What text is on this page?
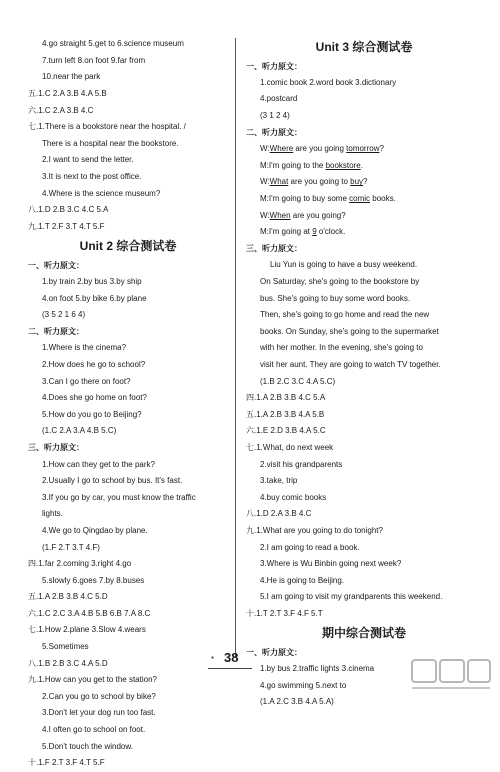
4.go straight 5.get to 6.science museum
7.turn left 8.on foot 9.far from
10.near the park
五.1.C 2.A 3.B 4.A 5.B
六.1.C 2.A 3.B 4.C
七.1.There is a bookstore near the hospital. /
There is a hospital near the bookstore.
2.I want to send the letter.
3.It is next to the post office.
4.Where is the science museum?
八.1.D 2.B 3.C 4.C 5.A
九.1.T 2.F 3.T 4.T 5.F
Unit 2 综合测试卷
一、听力原文：
1.by train 2.by bus 3.by ship
4.on foot 5.by bike 6.by plane
(3 5 2 1 6 4)
二、听力原文：
1.Where is the cinema?
2.How does he go to school?
3.Can I go there on foot?
4.Does she go home on foot?
5.How do you go to Beijing?
(1.C 2.A 3.A 4.B 5.C)
三、听力原文：
1.How can they get to the park?
2.Usually I go to school by bus. It's fast.
3.If you go by car, you must know the traffic
lights.
4.We go to Qingdao by plane.
(1.F 2.T 3.T 4.F)
四.1.far 2.coming 3.right 4.go
5.slowly 6.goes 7.by 8.buses
五.1.A 2.B 3.B 4.C 5.D
六.1.C 2.C 3.A 4.B 5.B 6.B 7.A 8.C
七.1.How 2.plane 3.Slow 4.wears
5.Sometimes
八.1.B 2.B 3.C 4.A 5.D
九.1.How can you get to the station?
2.Can you go to school by bike?
3.Don't let your dog run too fast.
4.I often go to school on foot.
5.Don't touch the window.
十.1.F 2.T 3.F 4.T 5.F
Unit 3 综合测试卷
一、听力原文：
1.comic book 2.word book 3.dictionary
4.postcard
(3 1 2 4)
二、听力原文：
W: Where are you going tomorrow ?
M: I'm going to the bookstore .
W: What are you going to buy ?
M: I'm going to buy some comic books.
W: When are you going?
M: I'm going at 9 o'clock.
三、听力原文：
Liu Yun is going to have a busy weekend.
On Saturday, she's going to the bookstore by
bus. She's going to buy some word books.
Then, she's going to go home and read the new
books. On Sunday, she's going to the supermarket
with her mother. In the evening, she's going to
visit her aunt. They are going to watch TV together.
(1.B 2.C 3.C 4.A 5.C)
四.1.A 2.B 3.B 4.C 5.A
五.1.A 2.B 3.B 4.A 5.B
六.1.E 2.D 3.B 4.A 5.C
七.1.What, do next week
2.visit his grandparents
3.take, trip
4.buy comic books
八.1.D 2.A 3.B 4.C
九.1.What are you going to do tonight?
2.I am going to read a book.
3.Where is Wu Binbin going next week?
4.He is going to Beijing.
5.I am going to visit my grandparents this weekend.
十.1.T 2.T 3.F 4.F 5.T
期中综合测试卷
一、听力原文：
1.by bus 2.traffic lights 3.cinema
4.go swimming 5.next to
(1.A 2.C 3.B 4.A 5.A)
* 38
